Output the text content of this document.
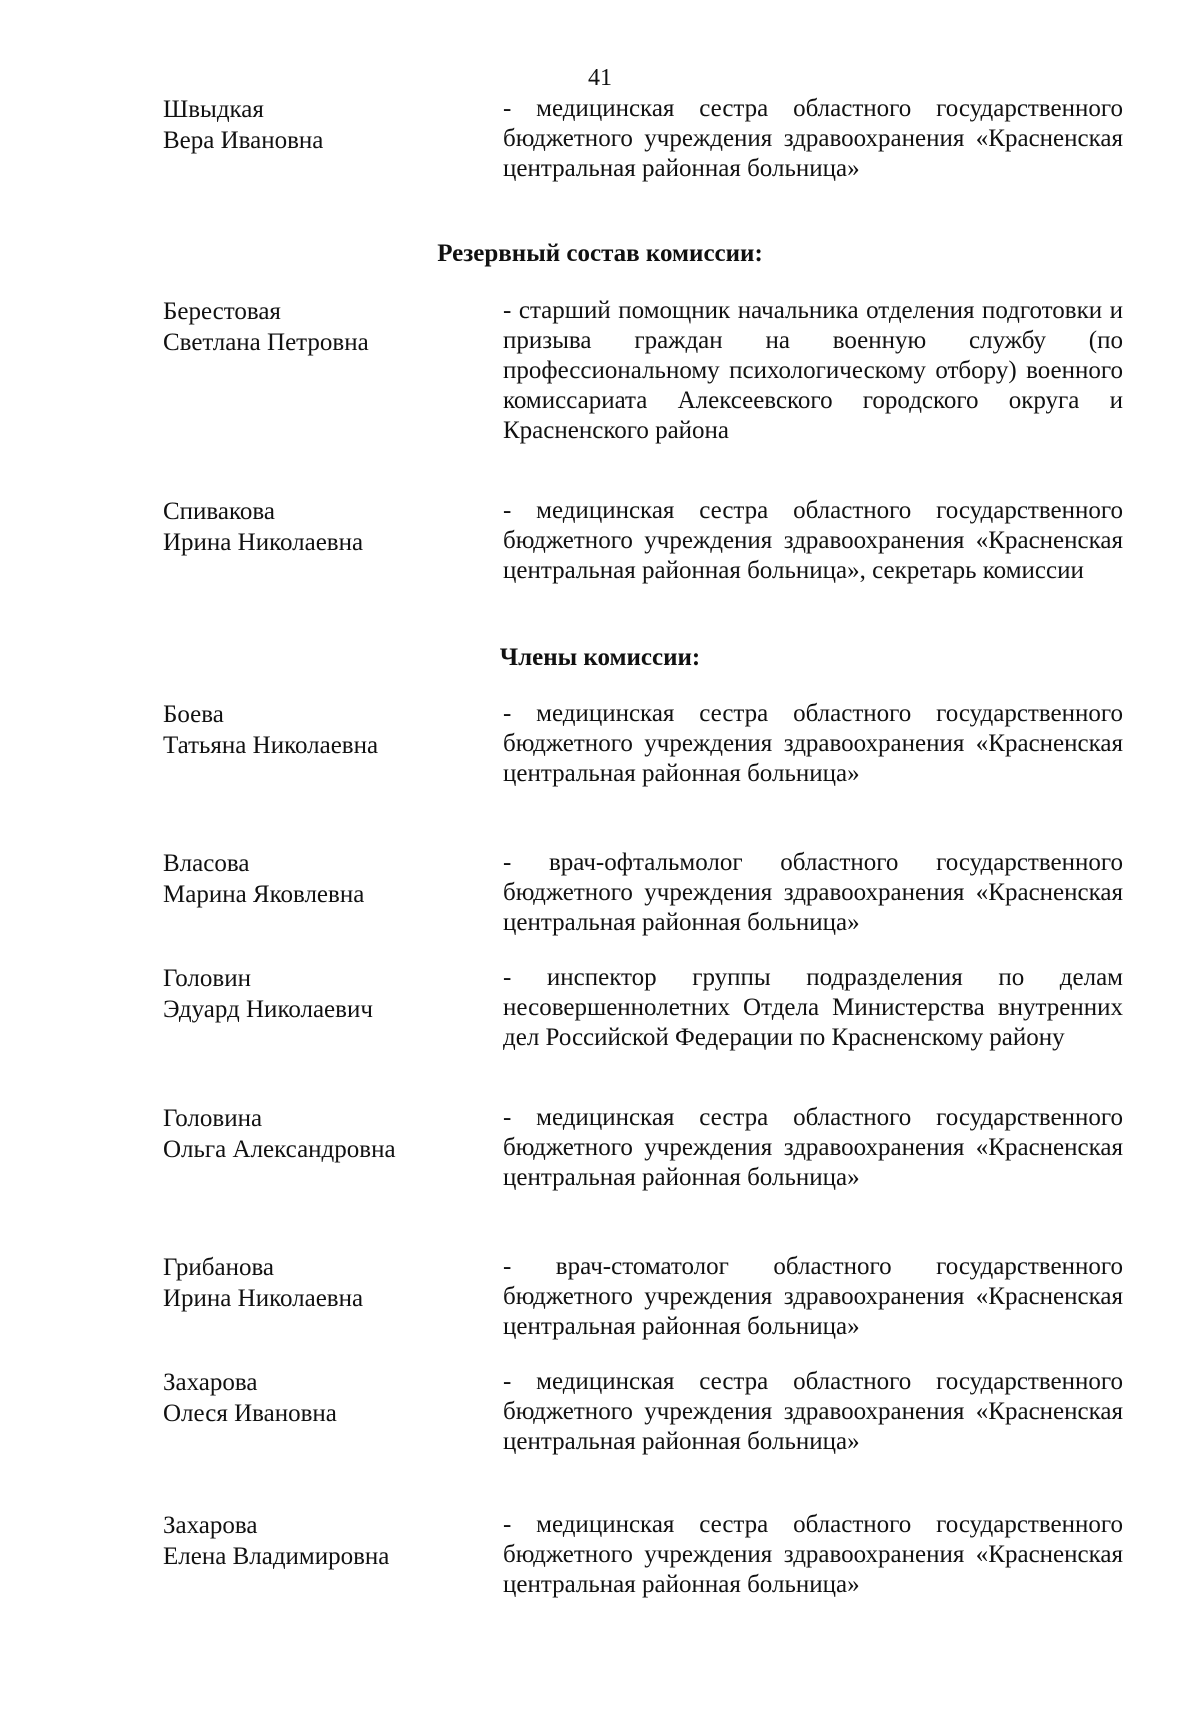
41
Швыдкая
Вера Ивановна
- медицинская сестра областного государственного бюджетного учреждения здравоохранения «Красненская центральная районная больница»
Резервный состав комиссии:
Берестовая
Светлана Петровна
- старший помощник начальника отделения подготовки и призыва граждан на военную службу (по профессиональному психологическому отбору) военного комиссариата Алексеевского городского округа и Красненского района
Спивакова
Ирина Николаевна
- медицинская сестра областного государственного бюджетного учреждения здравоохранения «Красненская центральная районная больница», секретарь комиссии
Члены комиссии:
Боева
Татьяна Николаевна
- медицинская сестра областного государственного бюджетного учреждения здравоохранения «Красненская центральная районная больница»
Власова
Марина Яковлевна
- врач-офтальмолог областного государственного бюджетного учреждения здравоохранения «Красненская центральная районная больница»
Головин
Эдуард Николаевич
- инспектор группы подразделения по делам несовершеннолетних Отдела Министерства внутренних дел Российской Федерации по Красненскому району
Головина
Ольга Александровна
- медицинская сестра областного государственного бюджетного учреждения здравоохранения «Красненская центральная районная больница»
Грибанова
Ирина Николаевна
- врач-стоматолог областного государственного бюджетного учреждения здравоохранения «Красненская центральная районная больница»
Захарова
Олеся Ивановна
- медицинская сестра областного государственного бюджетного учреждения здравоохранения «Красненская центральная районная больница»
Захарова
Елена Владимировна
- медицинская сестра областного государственного бюджетного учреждения здравоохранения «Красненская центральная районная больница»
